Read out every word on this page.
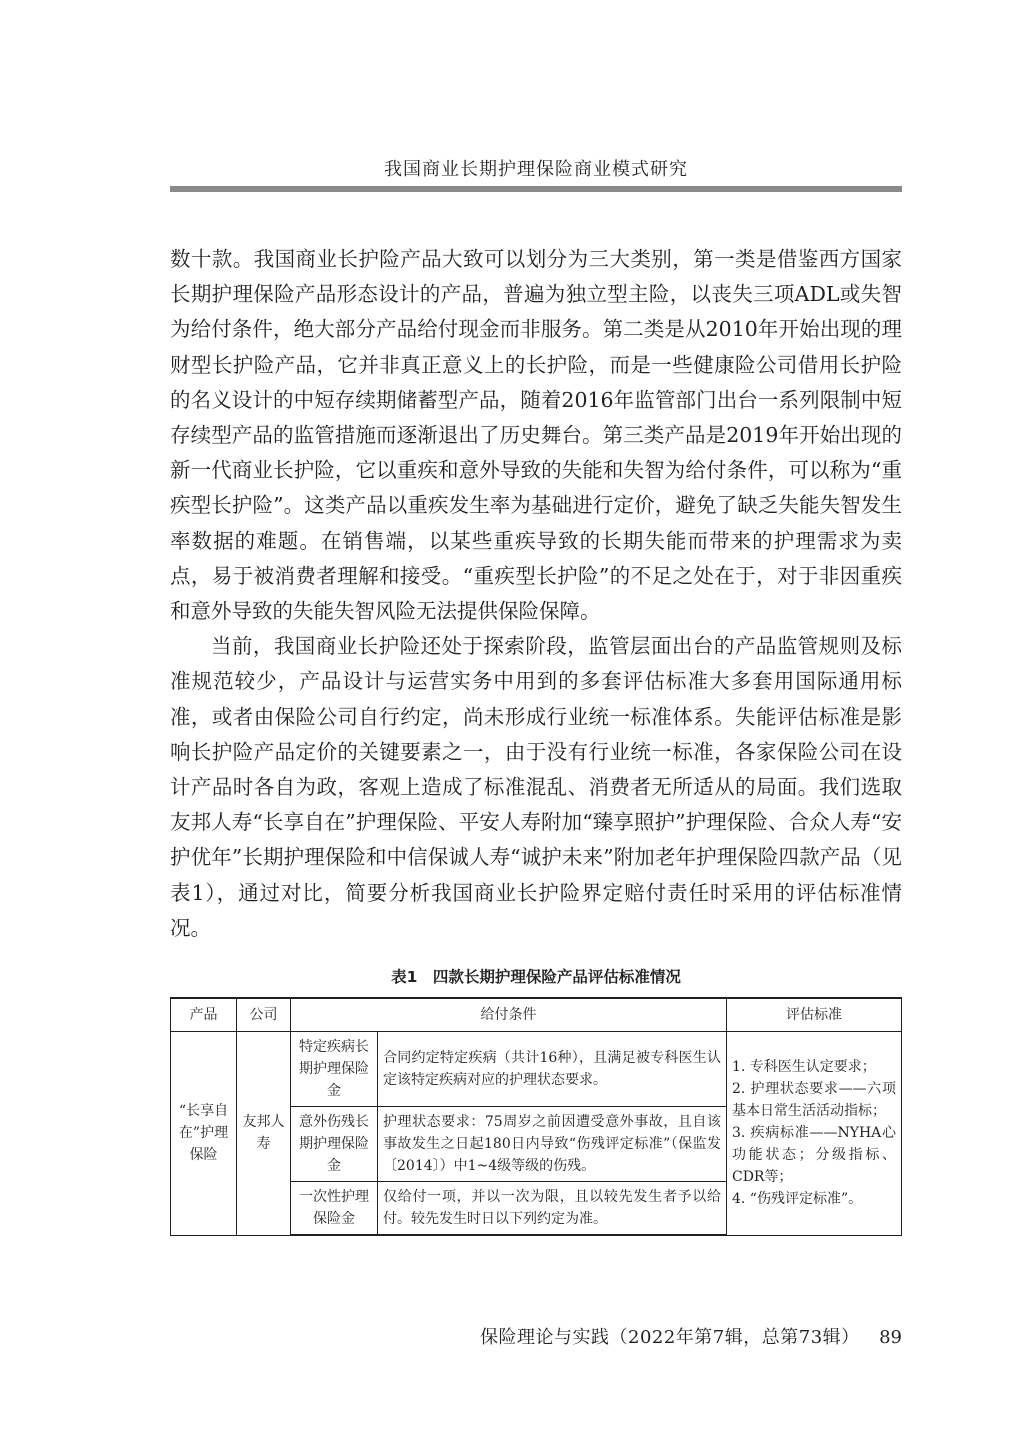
我国商业长期护理保险商业模式研究

数十款。我国商业长护险产品大致可以划分为三大类别，第一类是借鉴西方国家长期护理保险产品形态设计的产品，普遍为独立型主险，以丧失三项ADL或失智为给付条件，绝大部分产品给付现金而非服务。第二类是从2010年开始出现的理财型长护险产品，它并非真正意义上的长护险，而是一些健康险公司借用长护险的名义设计的中短存续期储蓄型产品，随着2016年监管部门出台一系列限制中短存续型产品的监管措施而逐渐退出了历史舞台。第三类产品是2019年开始出现的新一代商业长护险，它以重疾和意外导致的失能和失智为给付条件，可以称为“重疾型长护险”。这类产品以重疾发生率为基础进行定价，避免了缺乏失能失智发生率数据的难题。在销售端，以某些重疾导致的长期失能而带来的护理需求为卖点，易于被消费者理解和接受。“重疾型长护险”的不足之处在于，对于非因重疾和意外导致的失能失智风险无法提供保险保障。

当前，我国商业长护险还处于探索阶段，监管层面出台的产品监管规则及标准规范较少，产品设计与运营实务中用到的多套评估标准大多套用国际通用标准，或者由保险公司自行约定，尚未形成行业统一标准体系。失能评估标准是影响长护险产品定价的关键要素之一，由于没有行业统一标准，各家保险公司在设计产品时各自为政，客观上造成了标准混乱、消费者无所适从的局面。我们选取友邦人寿“长享自在”护理保险、平安人寿附加“臻享照护”护理保险、合众人寿“安护优年”长期护理保险和中信保诚人寿“诚护未来”附加老年护理保险四款产品（见表1），通过对比，简要分析我国商业长护险界定赔付责任时采用的评估标准情况。

表1　四款长期护理保险产品评估标准情况
产品	公司	给付条件		评估标准
“长享自在”护理保险	友邦人寿	特定疾病长期护理保险金	合同约定特定疾病（共计16种），且满足被专科医生认定该特定疾病对应的护理状态要求。	1. 专科医生认定要求；
2. 护理状态要求——六项基本日常生活活动指标；
3. 疾病标准——NYHA心功能状态；分级指标、CDR等；
4. “伤残评定标准”。

		意外伤残长期护理保险金	护理状态要求：75周岁之前因遭受意外事故，且自该事故发生之日起180日内导致“伤残评定标准”（保监发〔2014〕）中1~4级等级的伤残。	
		一次性护理保险金	仅给付一项，并以一次为限，且以较先发生者予以给付。较先发生时日以下列约定为准。	
保险理论与实践（2022年第7辑，总第73辑） 89
